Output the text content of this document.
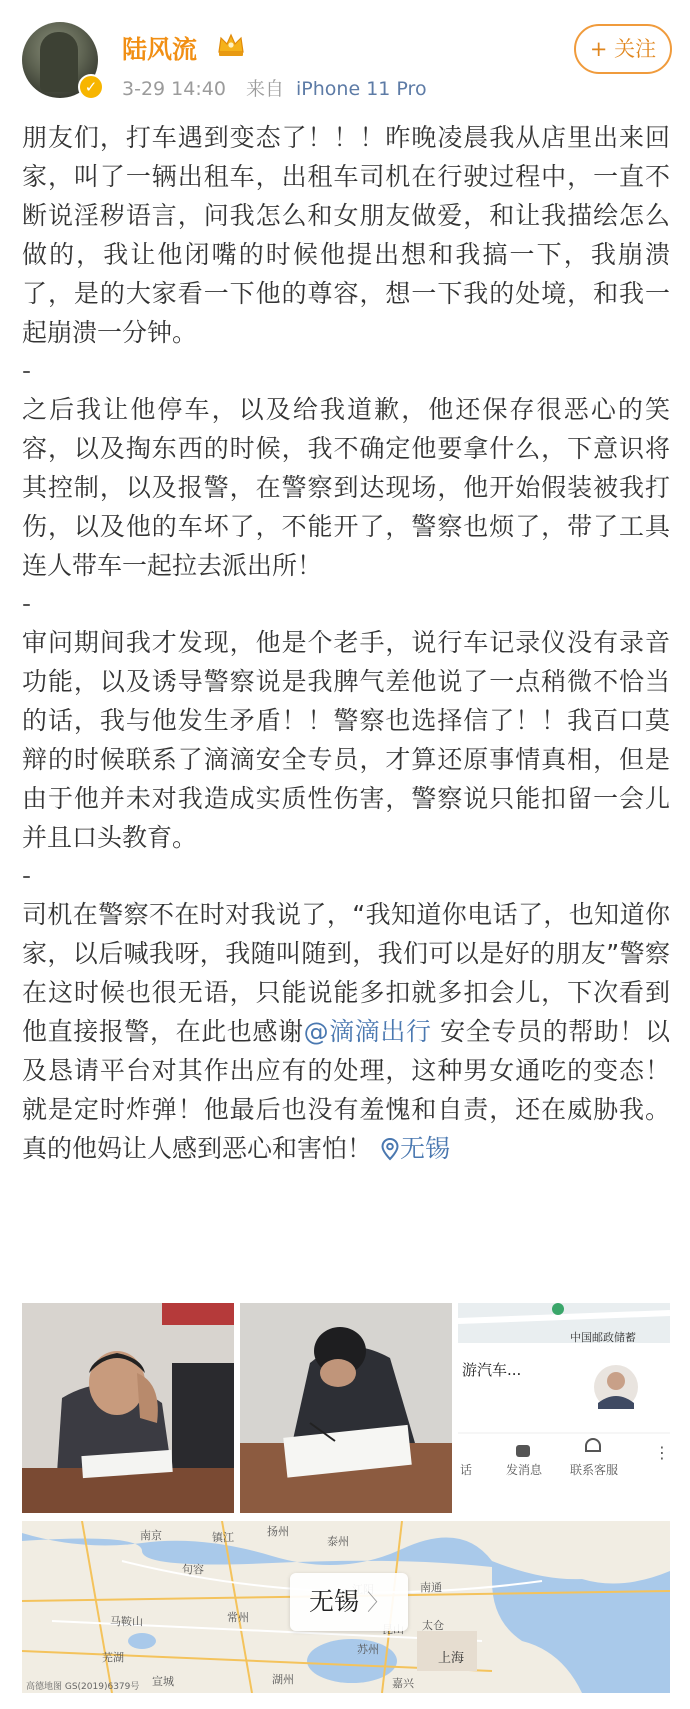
✓
陆风流
3-29 14:40 来自 iPhone 11 Pro
+ 关注

朋友们，打车遇到变态了！！！昨晚凌晨我从店里出来回家，叫了一辆出租车，出租车司机在行驶过程中，一直不断说淫秽语言，问我怎么和女朋友做爱，和让我描绘怎么做的，我让他闭嘴的时候他提出想和我搞一下，我崩溃了，是的大家看一下他的尊容，想一下我的处境，和我一起崩溃一分钟。

-

之后我让他停车，以及给我道歉，他还保存很恶心的笑容，以及掏东西的时候，我不确定他要拿什么，下意识将其控制，以及报警，在警察到达现场，他开始假装被我打伤，以及他的车坏了，不能开了，警察也烦了，带了工具连人带车一起拉去派出所！

-

审问期间我才发现，他是个老手，说行车记录仪没有录音功能，以及诱导警察说是我脾气差他说了一点稍微不恰当的话，我与他发生矛盾！！警察也选择信了！！我百口莫辩的时候联系了滴滴安全专员，才算还原事情真相，但是由于他并未对我造成实质性伤害，警察说只能扣留一会儿并且口头教育。

-

司机在警察不在时对我说了，“我知道你电话了，也知道你家，以后喊我呀，我随叫随到，我们可以是好的朋友”警察在这时候也很无语，只能说能多扣就多扣会儿，下次看到他直接报警，在此也感谢@滴滴出行 安全专员的帮助！以及恳请平台对其作出应有的处理，这种男女通吃的变态！就是定时炸弹！他最后也没有羞愧和自责，还在威胁我。真的他妈让人感到恶心和害怕！ 无锡

中国邮政储蓄
游汽车...
话	发消息 联系客服
⋮
南京	镇江	扬州
泰州
常州
苏州
南通
上海
芜湖
马鞍山
湖州	嘉兴
宣城
句容
太仓
高德地图 GS(2019)6379号
无锡 〉
